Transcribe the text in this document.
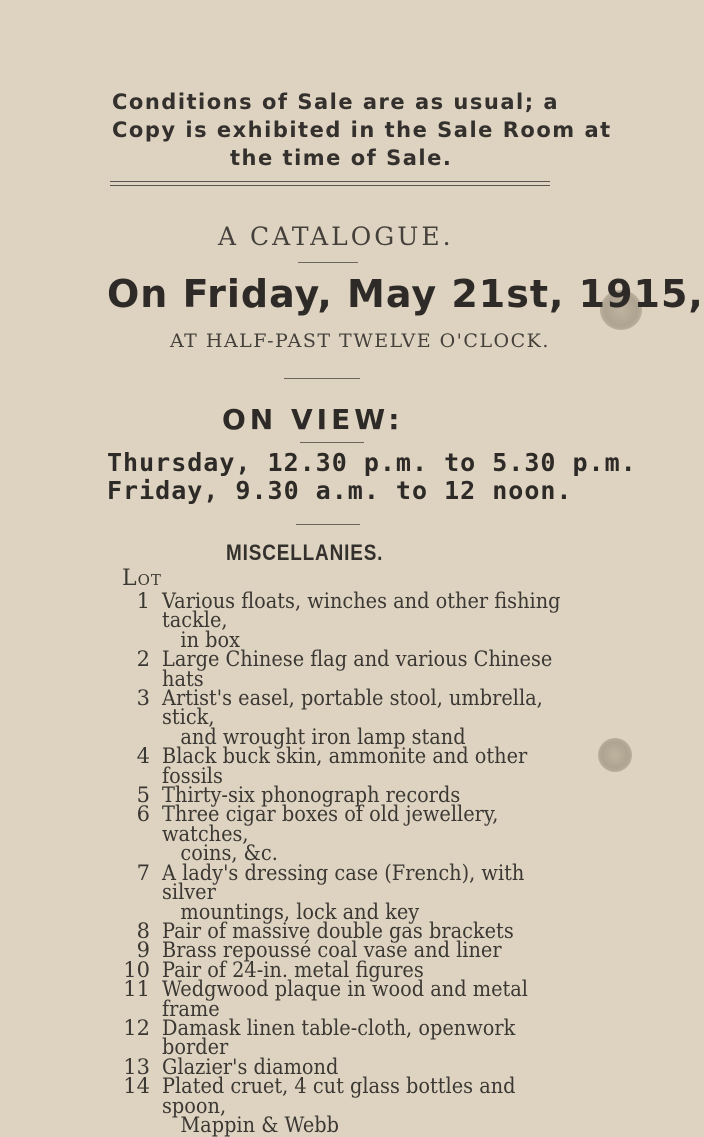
Conditions of Sale are as usual; a
Copy is exhibited in the Sale Room at
the time of Sale.
A CATALOGUE.
On Friday, May 21st, 1915,
AT HALF-PAST TWELVE O'CLOCK.
ON VIEW:
Thursday, 12.30 p.m. to 5.30 p.m.
Friday, 9.30 a.m. to 12 noon.
MISCELLANIES.
Lot
1 Various floats, winches and other fishing tackle,
in box
2 Large Chinese flag and various Chinese hats
3 Artist's easel, portable stool, umbrella, stick,
and wrought iron lamp stand
4 Black buck skin, ammonite and other fossils
5 Thirty-six phonograph records
6 Three cigar boxes of old jewellery, watches,
coins, &c.
7 A lady's dressing case (French), with silver
mountings, lock and key
8 Pair of massive double gas brackets
9 Brass repoussé coal vase and liner
10 Pair of 24-in. metal figures
11 Wedgwood plaque in wood and metal frame
12 Damask linen table-cloth, openwork border
13 Glazier's diamond
14 Plated cruet, 4 cut glass bottles and spoon,
Mappin & Webb
